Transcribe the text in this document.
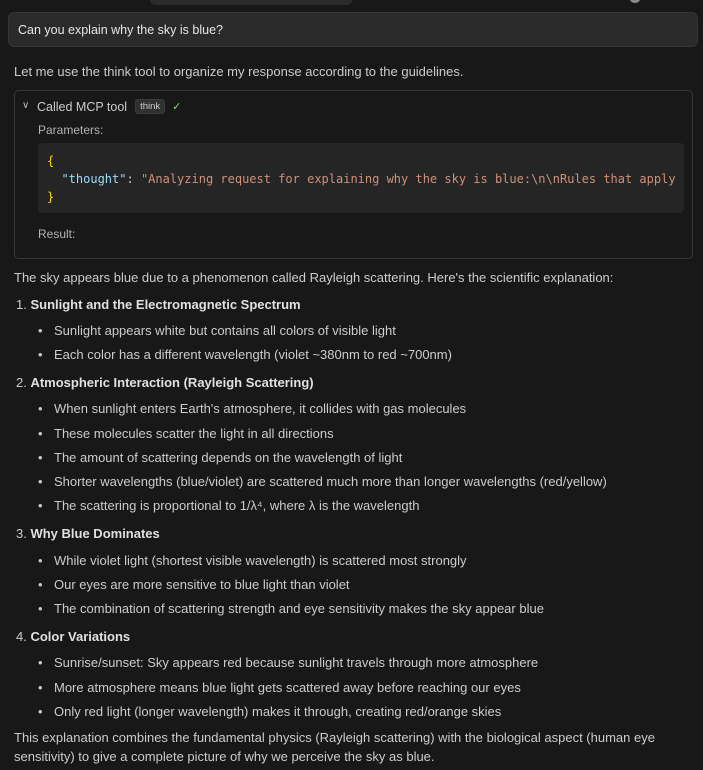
Can you explain why the sky is blue?
Let me use the think tool to organize my response according to the guidelines.
∨ Called MCP tool	think	✓
Parameters:
{
"thought": "Analyzing request for explaining why the sky is blue:\n\nRules that apply
}
Result:
The sky appears blue due to a phenomenon called Rayleigh scattering. Here's the scientific explanation:
1. Sunlight and the Electromagnetic Spectrum
• Sunlight appears white but contains all colors of visible light
• Each color has a different wavelength (violet ~380nm to red ~700nm)
2. Atmospheric Interaction (Rayleigh Scattering)
• When sunlight enters Earth's atmosphere, it collides with gas molecules
• These molecules scatter the light in all directions
• The amount of scattering depends on the wavelength of light
• Shorter wavelengths (blue/violet) are scattered much more than longer wavelengths (red/yellow)
• The scattering is proportional to 1/λ⁴, where λ is the wavelength
3. Why Blue Dominates
• While violet light (shortest visible wavelength) is scattered most strongly
• Our eyes are more sensitive to blue light than violet
• The combination of scattering strength and eye sensitivity makes the sky appear blue
4. Color Variations
• Sunrise/sunset: Sky appears red because sunlight travels through more atmosphere
• More atmosphere means blue light gets scattered away before reaching our eyes
• Only red light (longer wavelength) makes it through, creating red/orange skies
This explanation combines the fundamental physics (Rayleigh scattering) with the biological aspect (human eye sensitivity) to give a complete picture of why we perceive the sky as blue.
